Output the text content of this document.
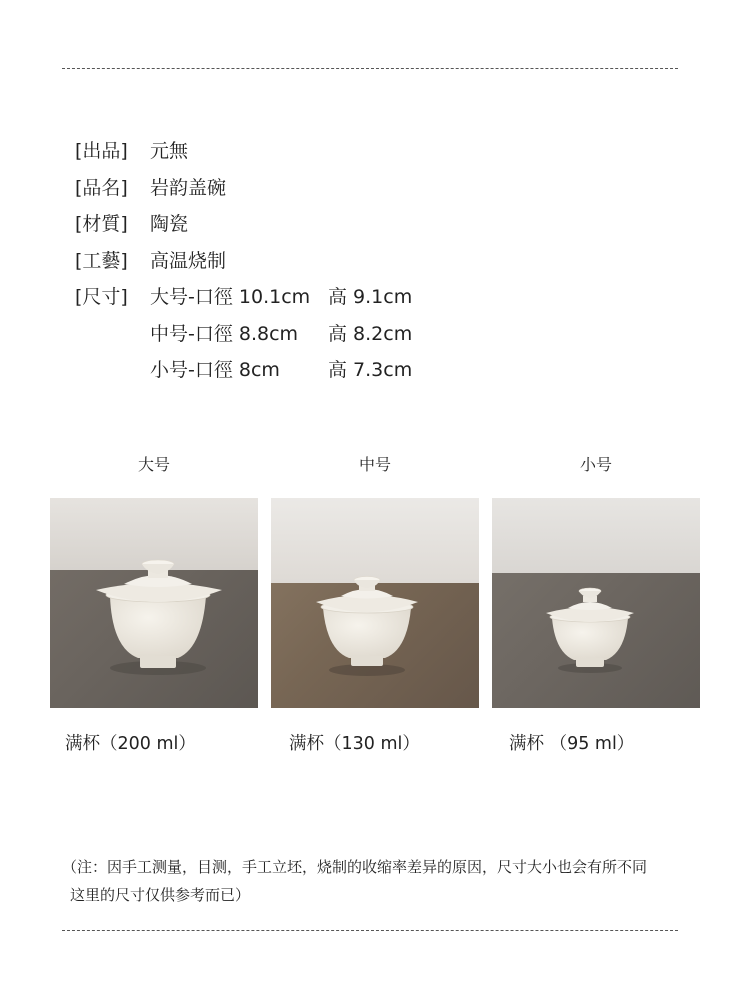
[出品]	元無
[品名]	岩韵盖碗
[材質]	陶瓷
[工藝]	高温烧制
[尺寸]	大号-口徑 10.1cm 高 9.1cm
中号-口徑 8.8cm 高 8.2cm
小号-口徑 8cm	高 7.3cm
大号	中号	小号
满杯（200 ml）	满杯（130 ml）	满杯 （95 ml）
（注：因手工测量，目测，手工立坯，烧制的收缩率差异的原因，尺寸大小也会有所不同
这里的尺寸仅供参考而已）
